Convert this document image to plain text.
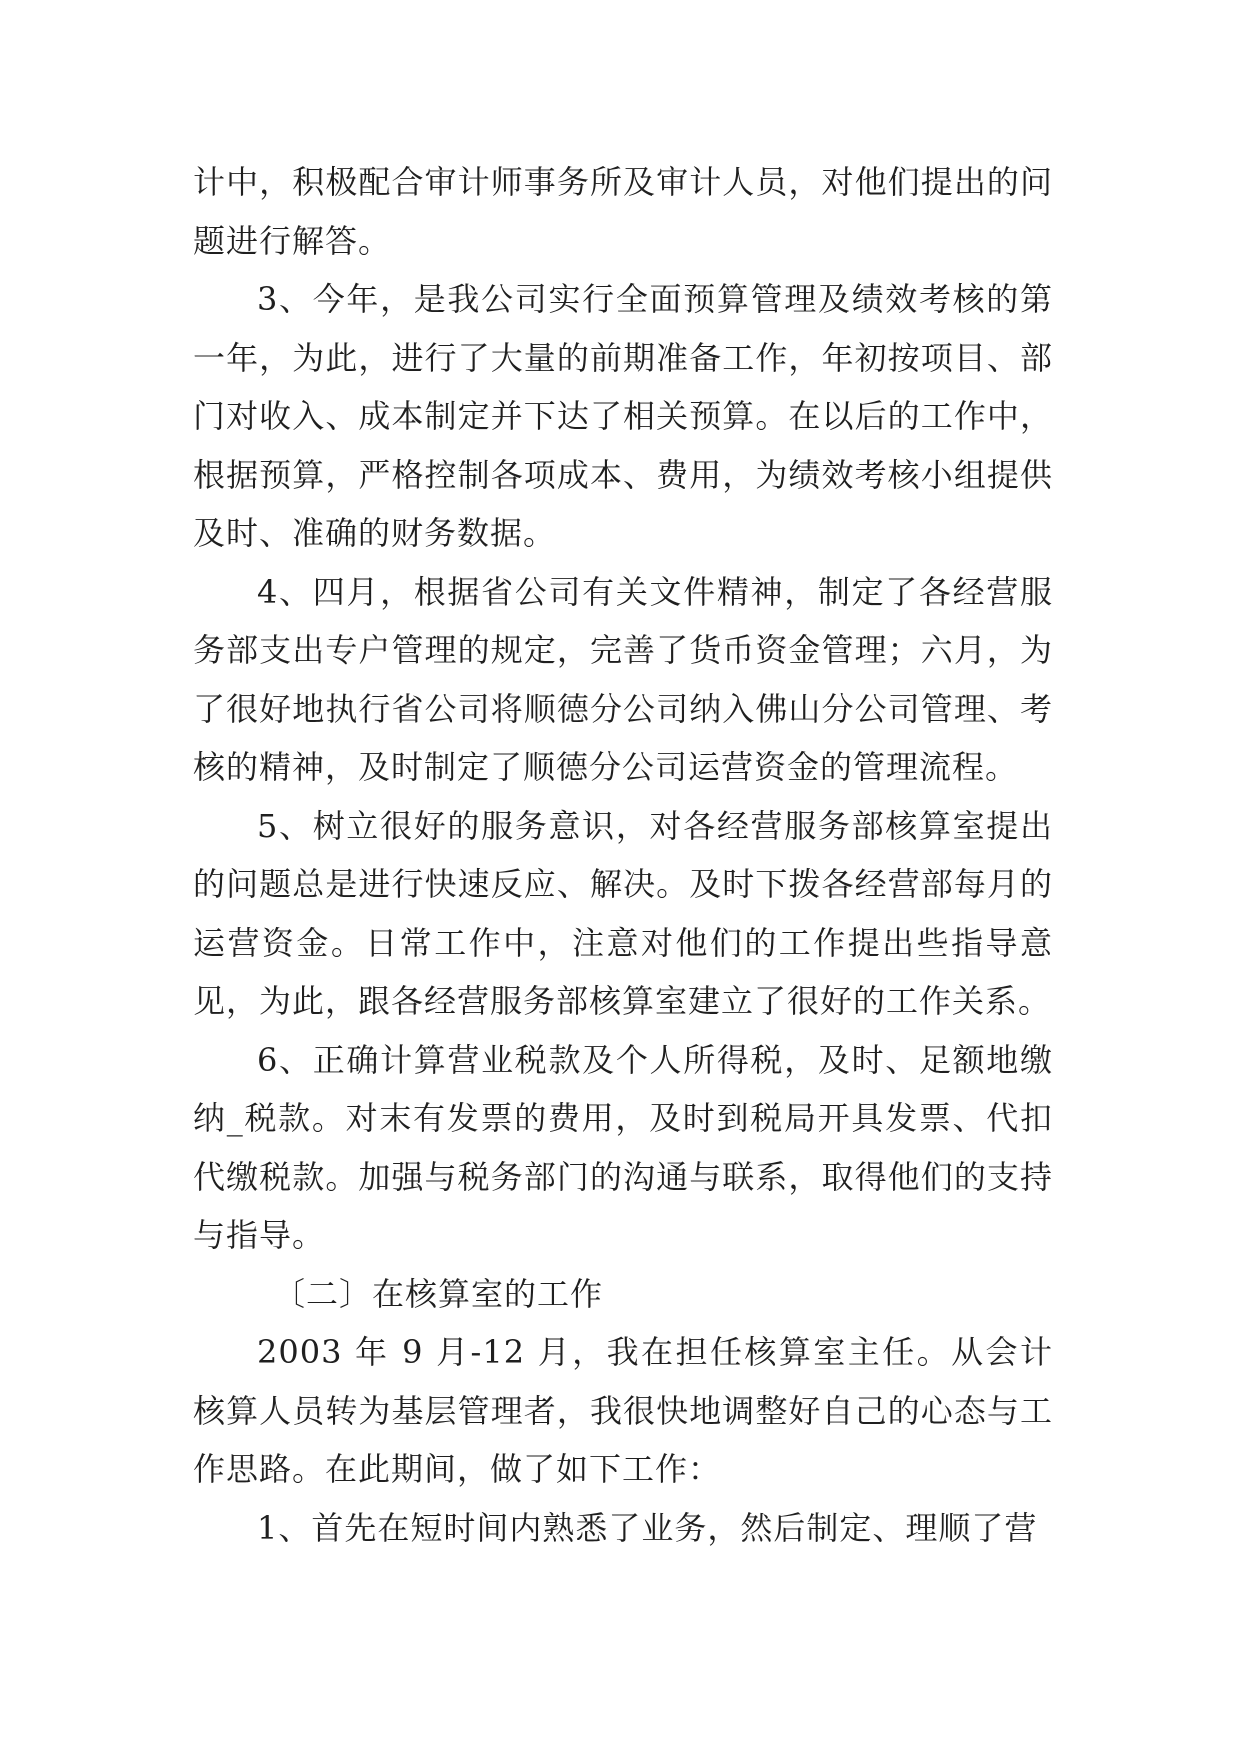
计中，积极配合审计师事务所及审计人员，对他们提出的问题进行解答。

3、今年，是我公司实行全面预算管理及绩效考核的第一年，为此，进行了大量的前期准备工作，年初按项目、部门对收入、成本制定并下达了相关预算。在以后的工作中，根据预算，严格控制各项成本、费用，为绩效考核小组提供及时、准确的财务数据。

4、四月，根据省公司有关文件精神，制定了各经营服务部支出专户管理的规定，完善了货币资金管理；六月，为了很好地执行省公司将顺德分公司纳入佛山分公司管理、考核的精神，及时制定了顺德分公司运营资金的管理流程。

5、树立很好的服务意识，对各经营服务部核算室提出的问题总是进行快速反应、解决。及时下拨各经营部每月的运营资金。日常工作中，注意对他们的工作提出些指导意见，为此，跟各经营服务部核算室建立了很好的工作关系。

6、正确计算营业税款及个人所得税，及时、足额地缴纳_税款。对末有发票的费用，及时到税局开具发票、代扣代缴税款。加强与税务部门的沟通与联系，取得他们的支持与指导。

〔二〕在核算室的工作

2003 年 9 月-12 月，我在担任核算室主任。从会计核算人员转为基层管理者，我很快地调整好自己的心态与工作思路。在此期间，做了如下工作：

1、首先在短时间内熟悉了业务，然后制定、理顺了营
